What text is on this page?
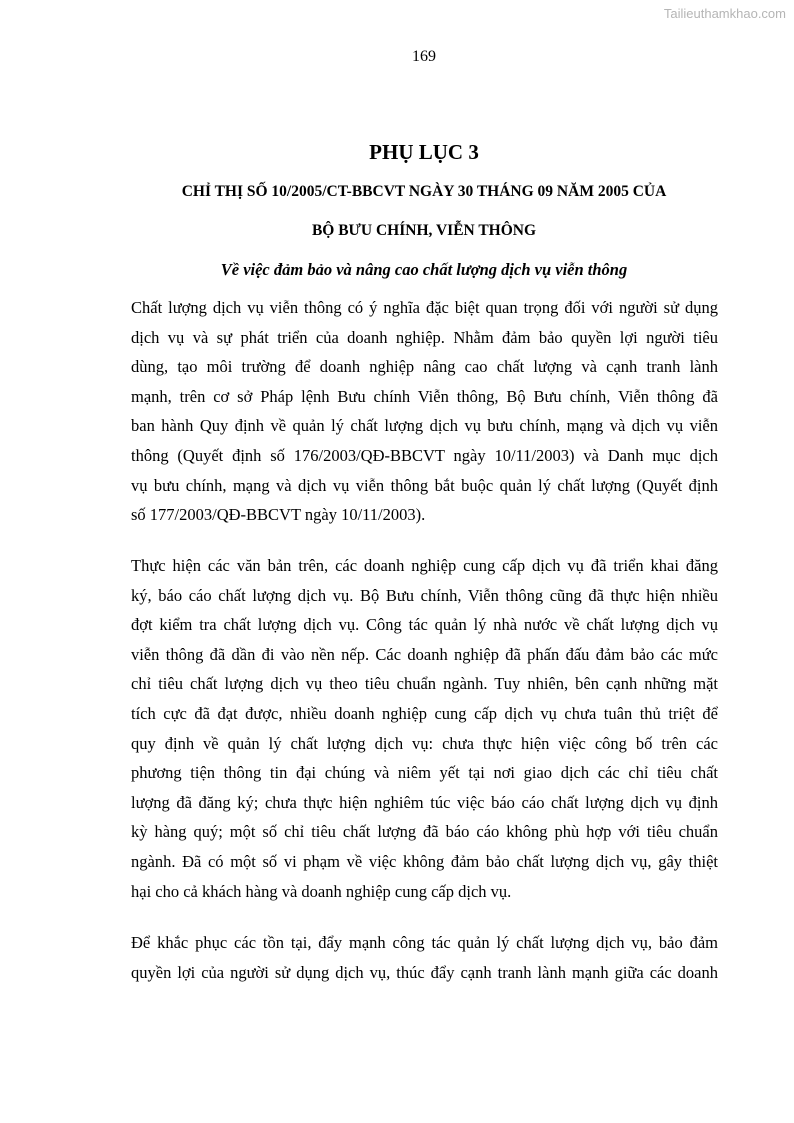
Tailieuthamkhao.com
169
PHỤ LỤC 3
CHỈ THỊ SỐ 10/2005/CT-BBCVT NGÀY 30 THÁNG 09 NĂM 2005 CỦA
BỘ BƯU CHÍNH, VIỄN THÔNG
Về việc đảm bảo và nâng cao chất lượng dịch vụ viễn thông
Chất lượng dịch vụ viễn thông có ý nghĩa đặc biệt quan trọng đối với người sử dụng
dịch vụ và sự phát triển của doanh nghiệp. Nhằm đảm bảo quyền lợi người tiêu
dùng, tạo môi trường để doanh nghiệp nâng cao chất lượng và cạnh tranh lành
mạnh, trên cơ sở Pháp lệnh Bưu chính Viễn thông, Bộ Bưu chính, Viễn thông đã
ban hành Quy định về quản lý chất lượng dịch vụ bưu chính, mạng và dịch vụ viễn
thông (Quyết định số 176/2003/QĐ-BBCVT ngày 10/11/2003) và Danh mục dịch
vụ bưu chính, mạng và dịch vụ viễn thông bắt buộc quản lý chất lượng (Quyết định
số 177/2003/QĐ-BBCVT ngày 10/11/2003).
Thực hiện các văn bản trên, các doanh nghiệp cung cấp dịch vụ đã triển khai đăng
ký, báo cáo chất lượng dịch vụ. Bộ Bưu chính, Viễn thông cũng đã thực hiện nhiều
đợt kiểm tra chất lượng dịch vụ. Công tác quản lý nhà nước về chất lượng dịch vụ
viễn thông đã dần đi vào nền nếp. Các doanh nghiệp đã phấn đấu đảm bảo các mức
chỉ tiêu chất lượng dịch vụ theo tiêu chuẩn ngành. Tuy nhiên, bên cạnh những mặt
tích cực đã đạt được, nhiều doanh nghiệp cung cấp dịch vụ chưa tuân thủ triệt để
quy định về quản lý chất lượng dịch vụ: chưa thực hiện việc công bố trên các
phương tiện thông tin đại chúng và niêm yết tại nơi giao dịch các chỉ tiêu chất
lượng đã đăng ký; chưa thực hiện nghiêm túc việc báo cáo chất lượng dịch vụ định
kỳ hàng quý; một số chỉ tiêu chất lượng đã báo cáo không phù hợp với tiêu chuẩn
ngành. Đã có một số vi phạm về việc không đảm bảo chất lượng dịch vụ, gây thiệt
hại cho cả khách hàng và doanh nghiệp cung cấp dịch vụ.
Để khắc phục các tồn tại, đẩy mạnh công tác quản lý chất lượng dịch vụ, bảo đảm
quyền lợi của người sử dụng dịch vụ, thúc đẩy cạnh tranh lành mạnh giữa các doanh
